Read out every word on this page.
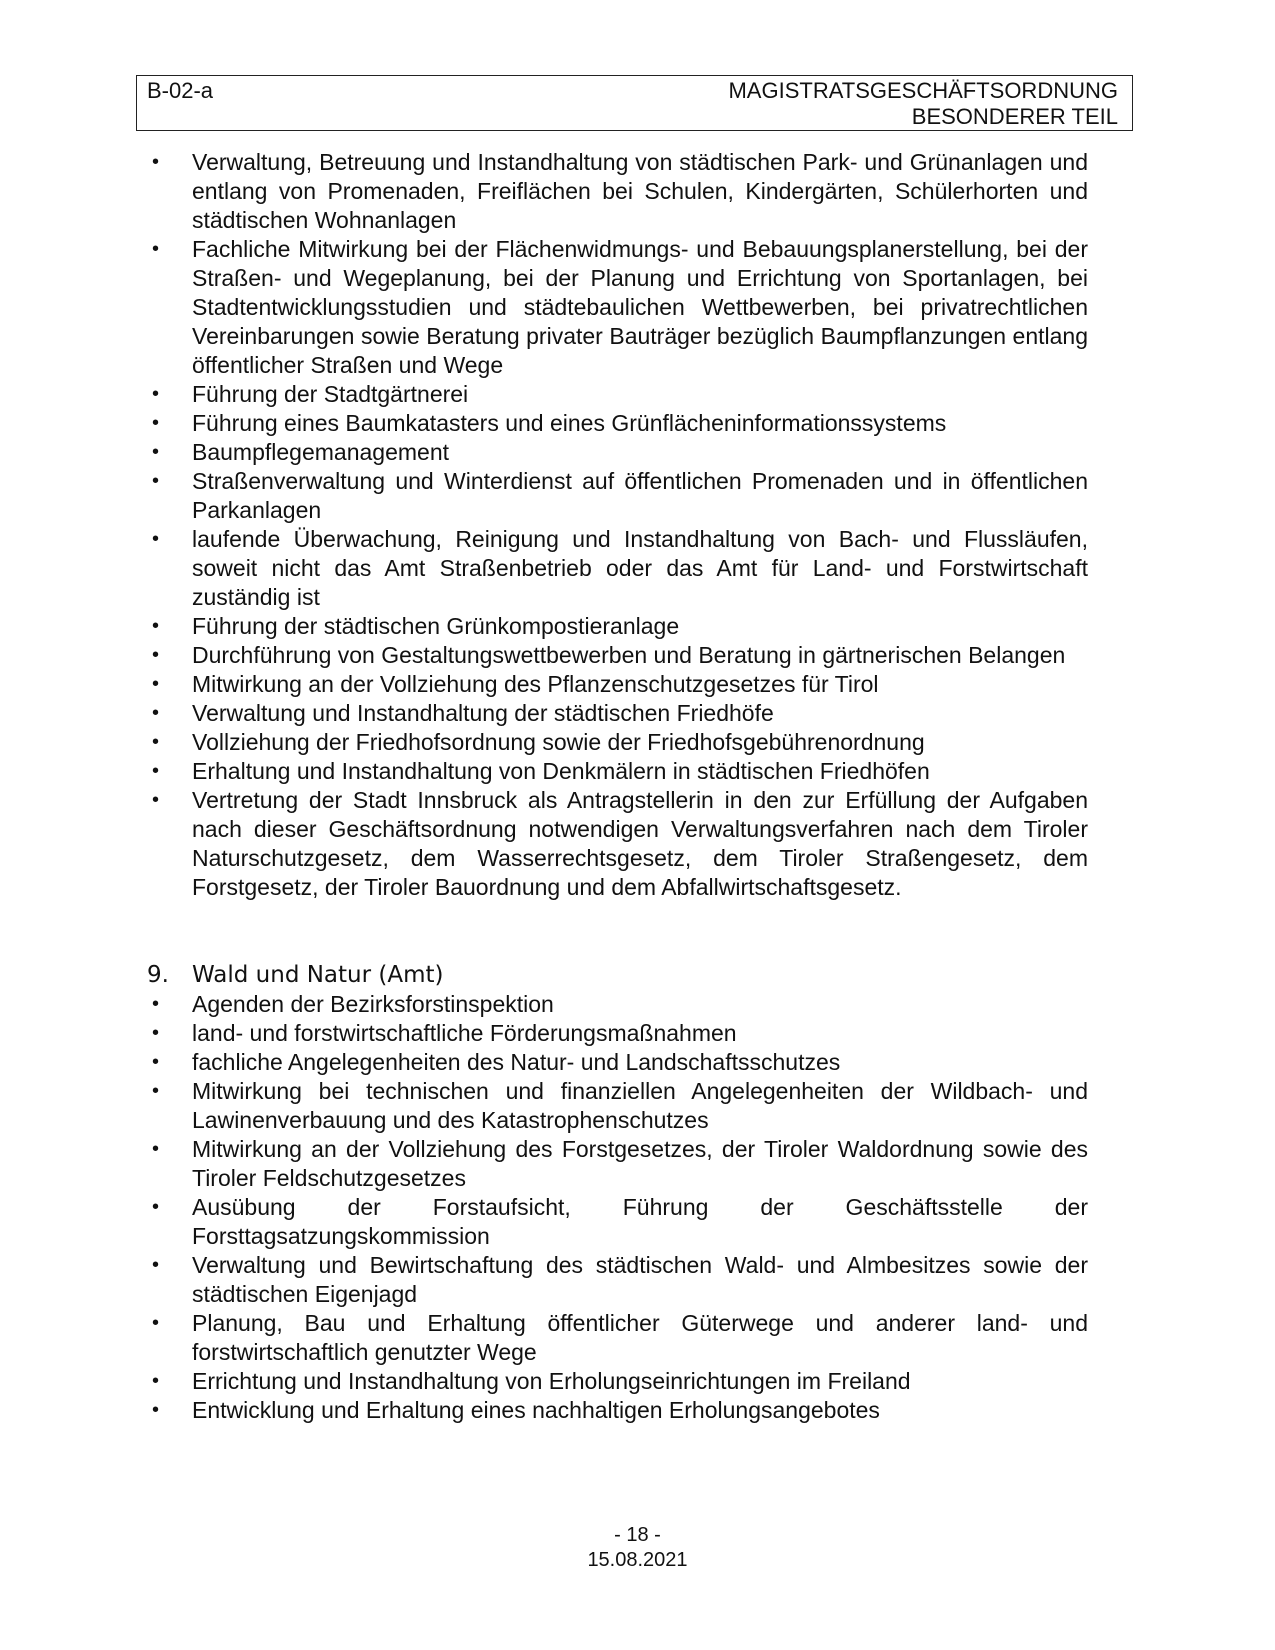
B-02-a	MAGISTRATSGESCHÄFTSORDNUNG
BESONDERER TEIL
• Verwaltung, Betreuung und Instandhaltung von städtischen Park- und Grünanlagen und entlang von Promenaden, Freiflächen bei Schulen, Kindergärten, Schülerhorten und städtischen Wohnanlagen
• Fachliche Mitwirkung bei der Flächenwidmungs- und Bebauungsplanerstellung, bei der Straßen- und Wegeplanung, bei der Planung und Errichtung von Sportanlagen, bei Stadtentwicklungsstudien und städtebaulichen Wettbewerben, bei privatrechtlichen Vereinbarungen sowie Beratung privater Bauträger bezüglich Baumpflanzungen entlang öffentlicher Straßen und Wege
• Führung der Stadtgärtnerei
• Führung eines Baumkatasters und eines Grünflächeninformationssystems
• Baumpflegemanagement
• Straßenverwaltung und Winterdienst auf öffentlichen Promenaden und in öffentlichen Parkanlagen
• laufende Überwachung, Reinigung und Instandhaltung von Bach- und Flussläufen, soweit nicht das Amt Straßenbetrieb oder das Amt für Land- und Forstwirtschaft zuständig ist
• Führung der städtischen Grünkompostieranlage
• Durchführung von Gestaltungswettbewerben und Beratung in gärtnerischen Belangen
• Mitwirkung an der Vollziehung des Pflanzenschutzgesetzes für Tirol
• Verwaltung und Instandhaltung der städtischen Friedhöfe
• Vollziehung der Friedhofsordnung sowie der Friedhofsgebührenordnung
• Erhaltung und Instandhaltung von Denkmälern in städtischen Friedhöfen
• Vertretung der Stadt Innsbruck als Antragstellerin in den zur Erfüllung der Aufgaben nach dieser Geschäftsordnung notwendigen Verwaltungsverfahren nach dem Tiroler Naturschutzgesetz, dem Wasserrechtsgesetz, dem Tiroler Straßengesetz, dem Forstgesetz, der Tiroler Bauordnung und dem Abfallwirtschaftsgesetz.
9. Wald und Natur (Amt)
• Agenden der Bezirksforstinspektion
• land- und forstwirtschaftliche Förderungsmaßnahmen
• fachliche Angelegenheiten des Natur- und Landschaftsschutzes
• Mitwirkung bei technischen und finanziellen Angelegenheiten der Wildbach- und Lawinenverbauung und des Katastrophenschutzes
• Mitwirkung an der Vollziehung des Forstgesetzes, der Tiroler Waldordnung sowie des Tiroler Feldschutzgesetzes
• Ausübung der Forstaufsicht, Führung der Geschäftsstelle der Forsttagsatzungskommission
• Verwaltung und Bewirtschaftung des städtischen Wald- und Almbesitzes sowie der städtischen Eigenjagd
• Planung, Bau und Erhaltung öffentlicher Güterwege und anderer land- und forstwirtschaftlich genutzter Wege
• Errichtung und Instandhaltung von Erholungseinrichtungen im Freiland
• Entwicklung und Erhaltung eines nachhaltigen Erholungsangebotes
- 18 -
15.08.2021
